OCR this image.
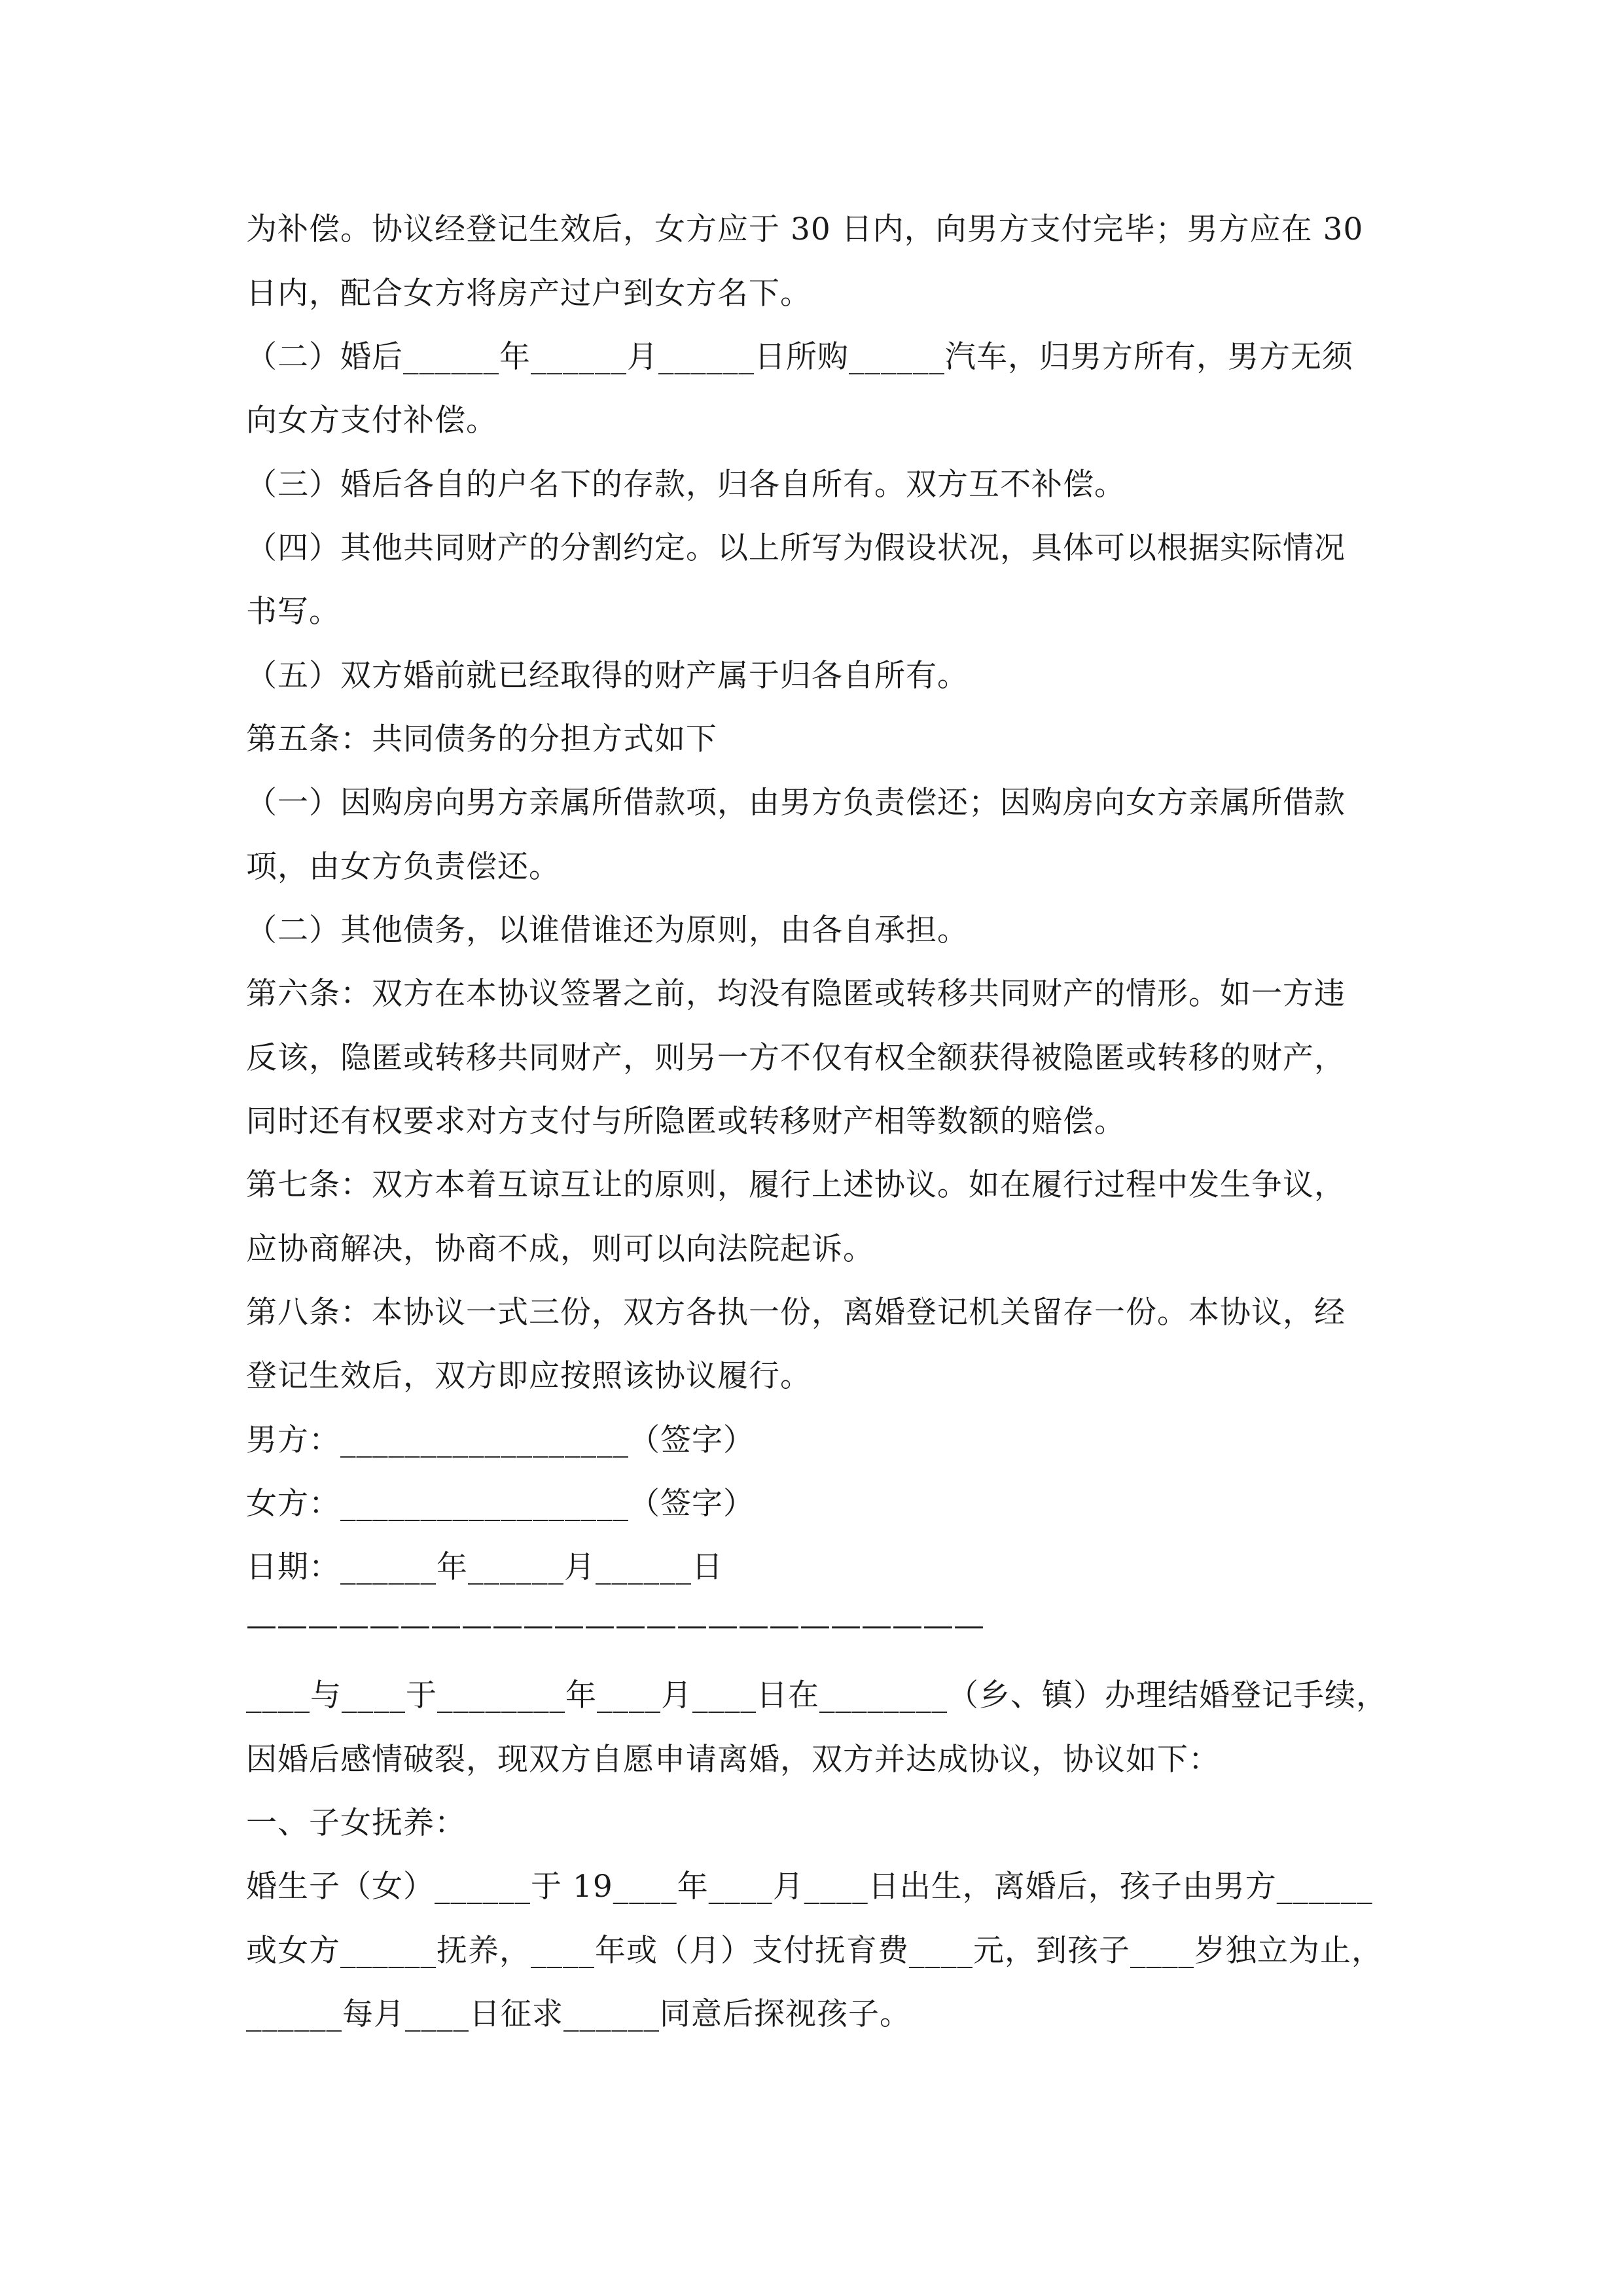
为补偿。协议经登记生效后，女方应于 30 日内，向男方支付完毕；男方应在 30
日内，配合女方将房产过户到女方名下。
（二）婚后______年______月______日所购______汽车，归男方所有，男方无须
向女方支付补偿。
（三）婚后各自的户名下的存款，归各自所有。双方互不补偿。
（四）其他共同财产的分割约定。以上所写为假设状况，具体可以根据实际情况
书写。
（五）双方婚前就已经取得的财产属于归各自所有。
第五条：共同债务的分担方式如下
（一）因购房向男方亲属所借款项，由男方负责偿还；因购房向女方亲属所借款
项，由女方负责偿还。
（二）其他债务，以谁借谁还为原则，由各自承担。
第六条：双方在本协议签署之前，均没有隐匿或转移共同财产的情形。如一方违
反该，隐匿或转移共同财产，则另一方不仅有权全额获得被隐匿或转移的财产，
同时还有权要求对方支付与所隐匿或转移财产相等数额的赔偿。
第七条：双方本着互谅互让的原则，履行上述协议。如在履行过程中发生争议，
应协商解决，协商不成，则可以向法院起诉。
第八条：本协议一式三份，双方各执一份，离婚登记机关留存一份。本协议，经
登记生效后，双方即应按照该协议履行。
男方：__________________（签字）
女方：__________________（签字）
日期：______年______月______日
————————————————————————
____与____于________年____月____日在________（乡、镇）办理结婚登记手续，
因婚后感情破裂，现双方自愿申请离婚，双方并达成协议，协议如下：
一、子女抚养：
婚生子（女）______于 19____年____月____日出生，离婚后，孩子由男方______
或女方______抚养，____年或（月）支付抚育费____元，到孩子____岁独立为止，
______每月____日征求______同意后探视孩子。
